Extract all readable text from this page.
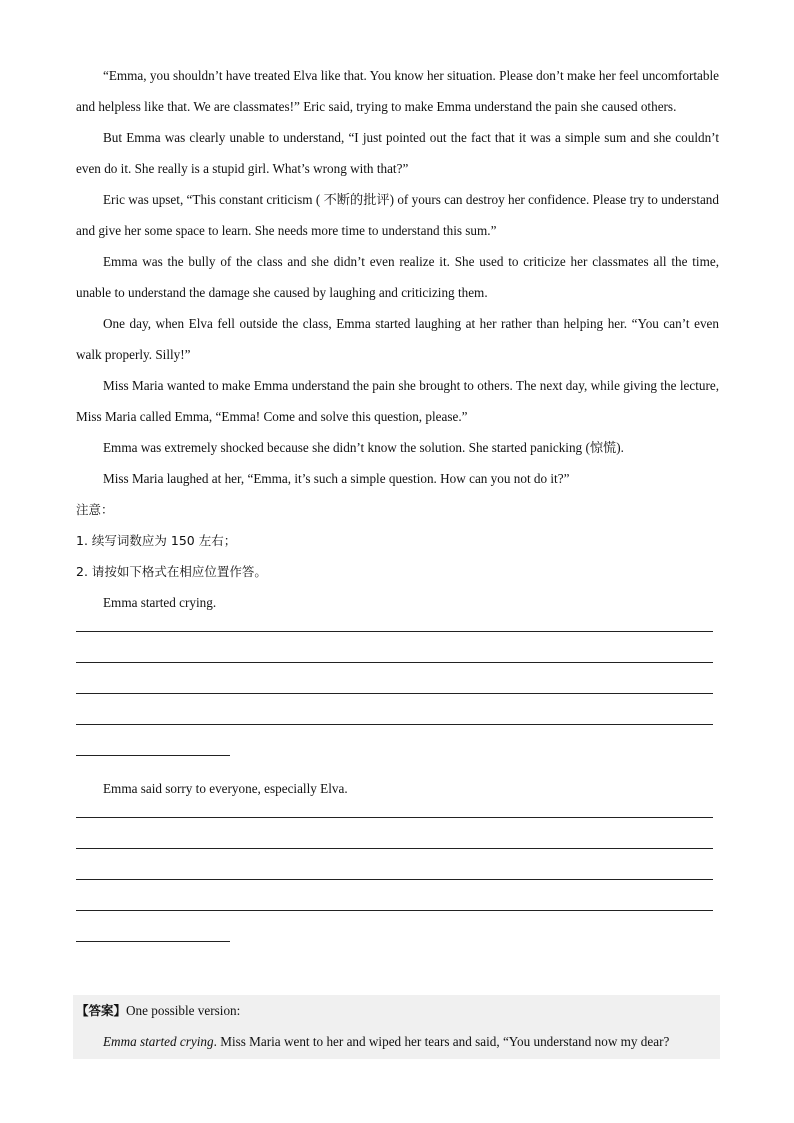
“Emma, you shouldn’t have treated Elva like that. You know her situation. Please don’t make her feel uncomfortable and helpless like that. We are classmates!” Eric said, trying to make Emma understand the pain she caused others.

But Emma was clearly unable to understand, “I just pointed out the fact that it was a simple sum and she couldn’t even do it. She really is a stupid girl. What’s wrong with that?”

Eric was upset, “This constant criticism ( 不断的批评) of yours can destroy her confidence. Please try to understand and give her some space to learn. She needs more time to understand this sum.”

Emma was the bully of the class and she didn’t even realize it. She used to criticize her classmates all the time, unable to understand the damage she caused by laughing and criticizing them.

One day, when Elva fell outside the class, Emma started laughing at her rather than helping her. “You can’t even walk properly. Silly!”

Miss Maria wanted to make Emma understand the pain she brought to others. The next day, while giving the lecture, Miss Maria called Emma, “Emma! Come and solve this question, please.”

Emma was extremely shocked because she didn’t know the solution. She started panicking (惊慌).

Miss Maria laughed at her, “Emma, it’s such a simple question. How can you not do it?”

注意：

1. 续写词数应为 150 左右；

2. 请按如下格式在相应位置作答。

Emma started crying.

Emma said sorry to everyone, especially Elva.

【答案】One possible version:

Emma started crying. Miss Maria went to her and wiped her tears and said, “You understand now my dear?
